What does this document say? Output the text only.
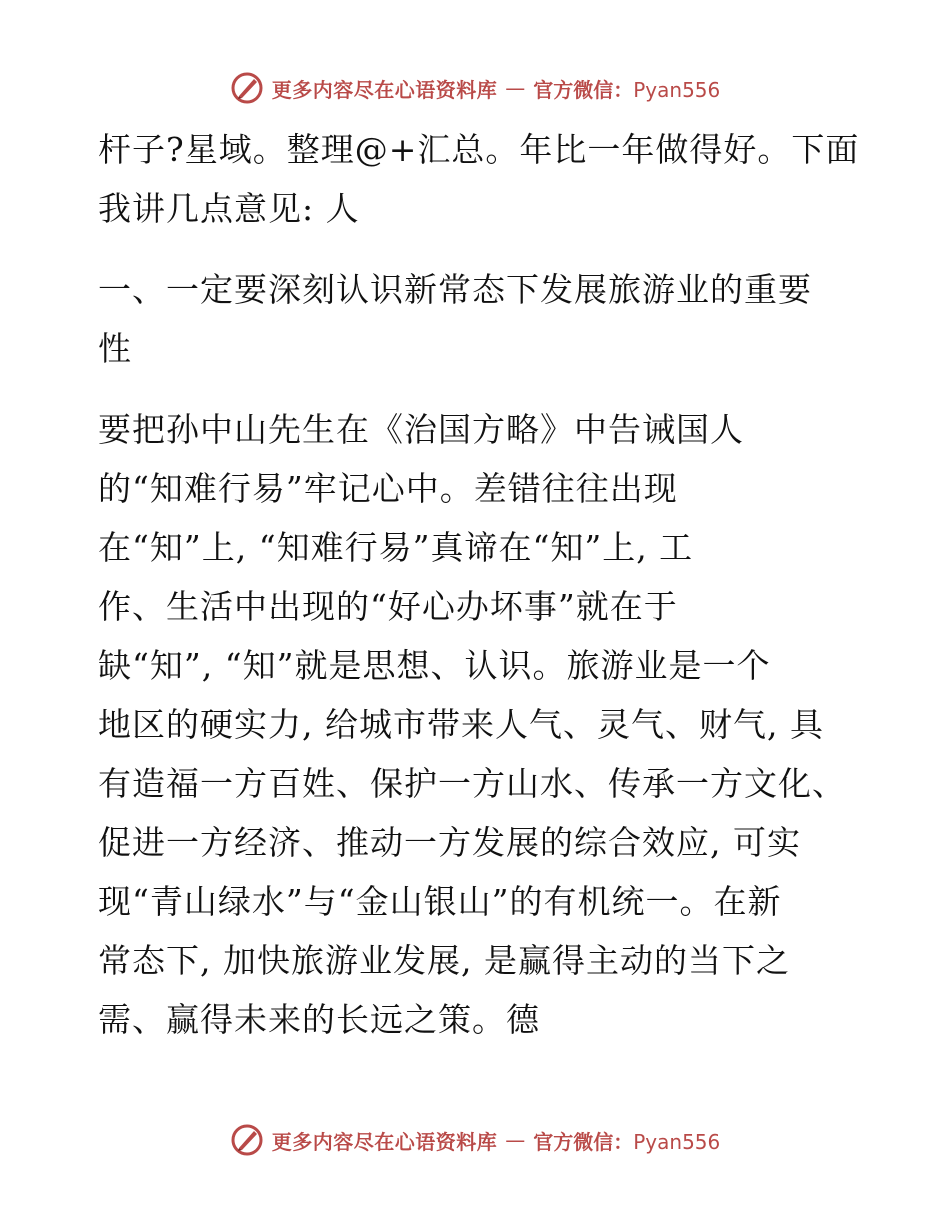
更多内容尽在心语资料库 — 官方微信：Pyan556

杆子?星域。整理@+汇总。年比一年做得好。下面
我讲几点意见: 人

一、一定要深刻认识新常态下发展旅游业的重要
性

要把孙中山先生在《治国方略》中告诫国人
的“知难行易”牢记心中。差错往往出现
在“知”上, “知难行易”真谛在“知”上, 工
作、生活中出现的“好心办坏事”就在于
缺“知”, “知”就是思想、认识。旅游业是一个
地区的硬实力, 给城市带来人气、灵气、财气, 具
有造福一方百姓、保护一方山水、传承一方文化、
促进一方经济、推动一方发展的综合效应, 可实
现“青山绿水”与“金山银山”的有机统一。在新
常态下, 加快旅游业发展, 是赢得主动的当下之
需、赢得未来的长远之策。德

更多内容尽在心语资料库 — 官方微信：Pyan556
